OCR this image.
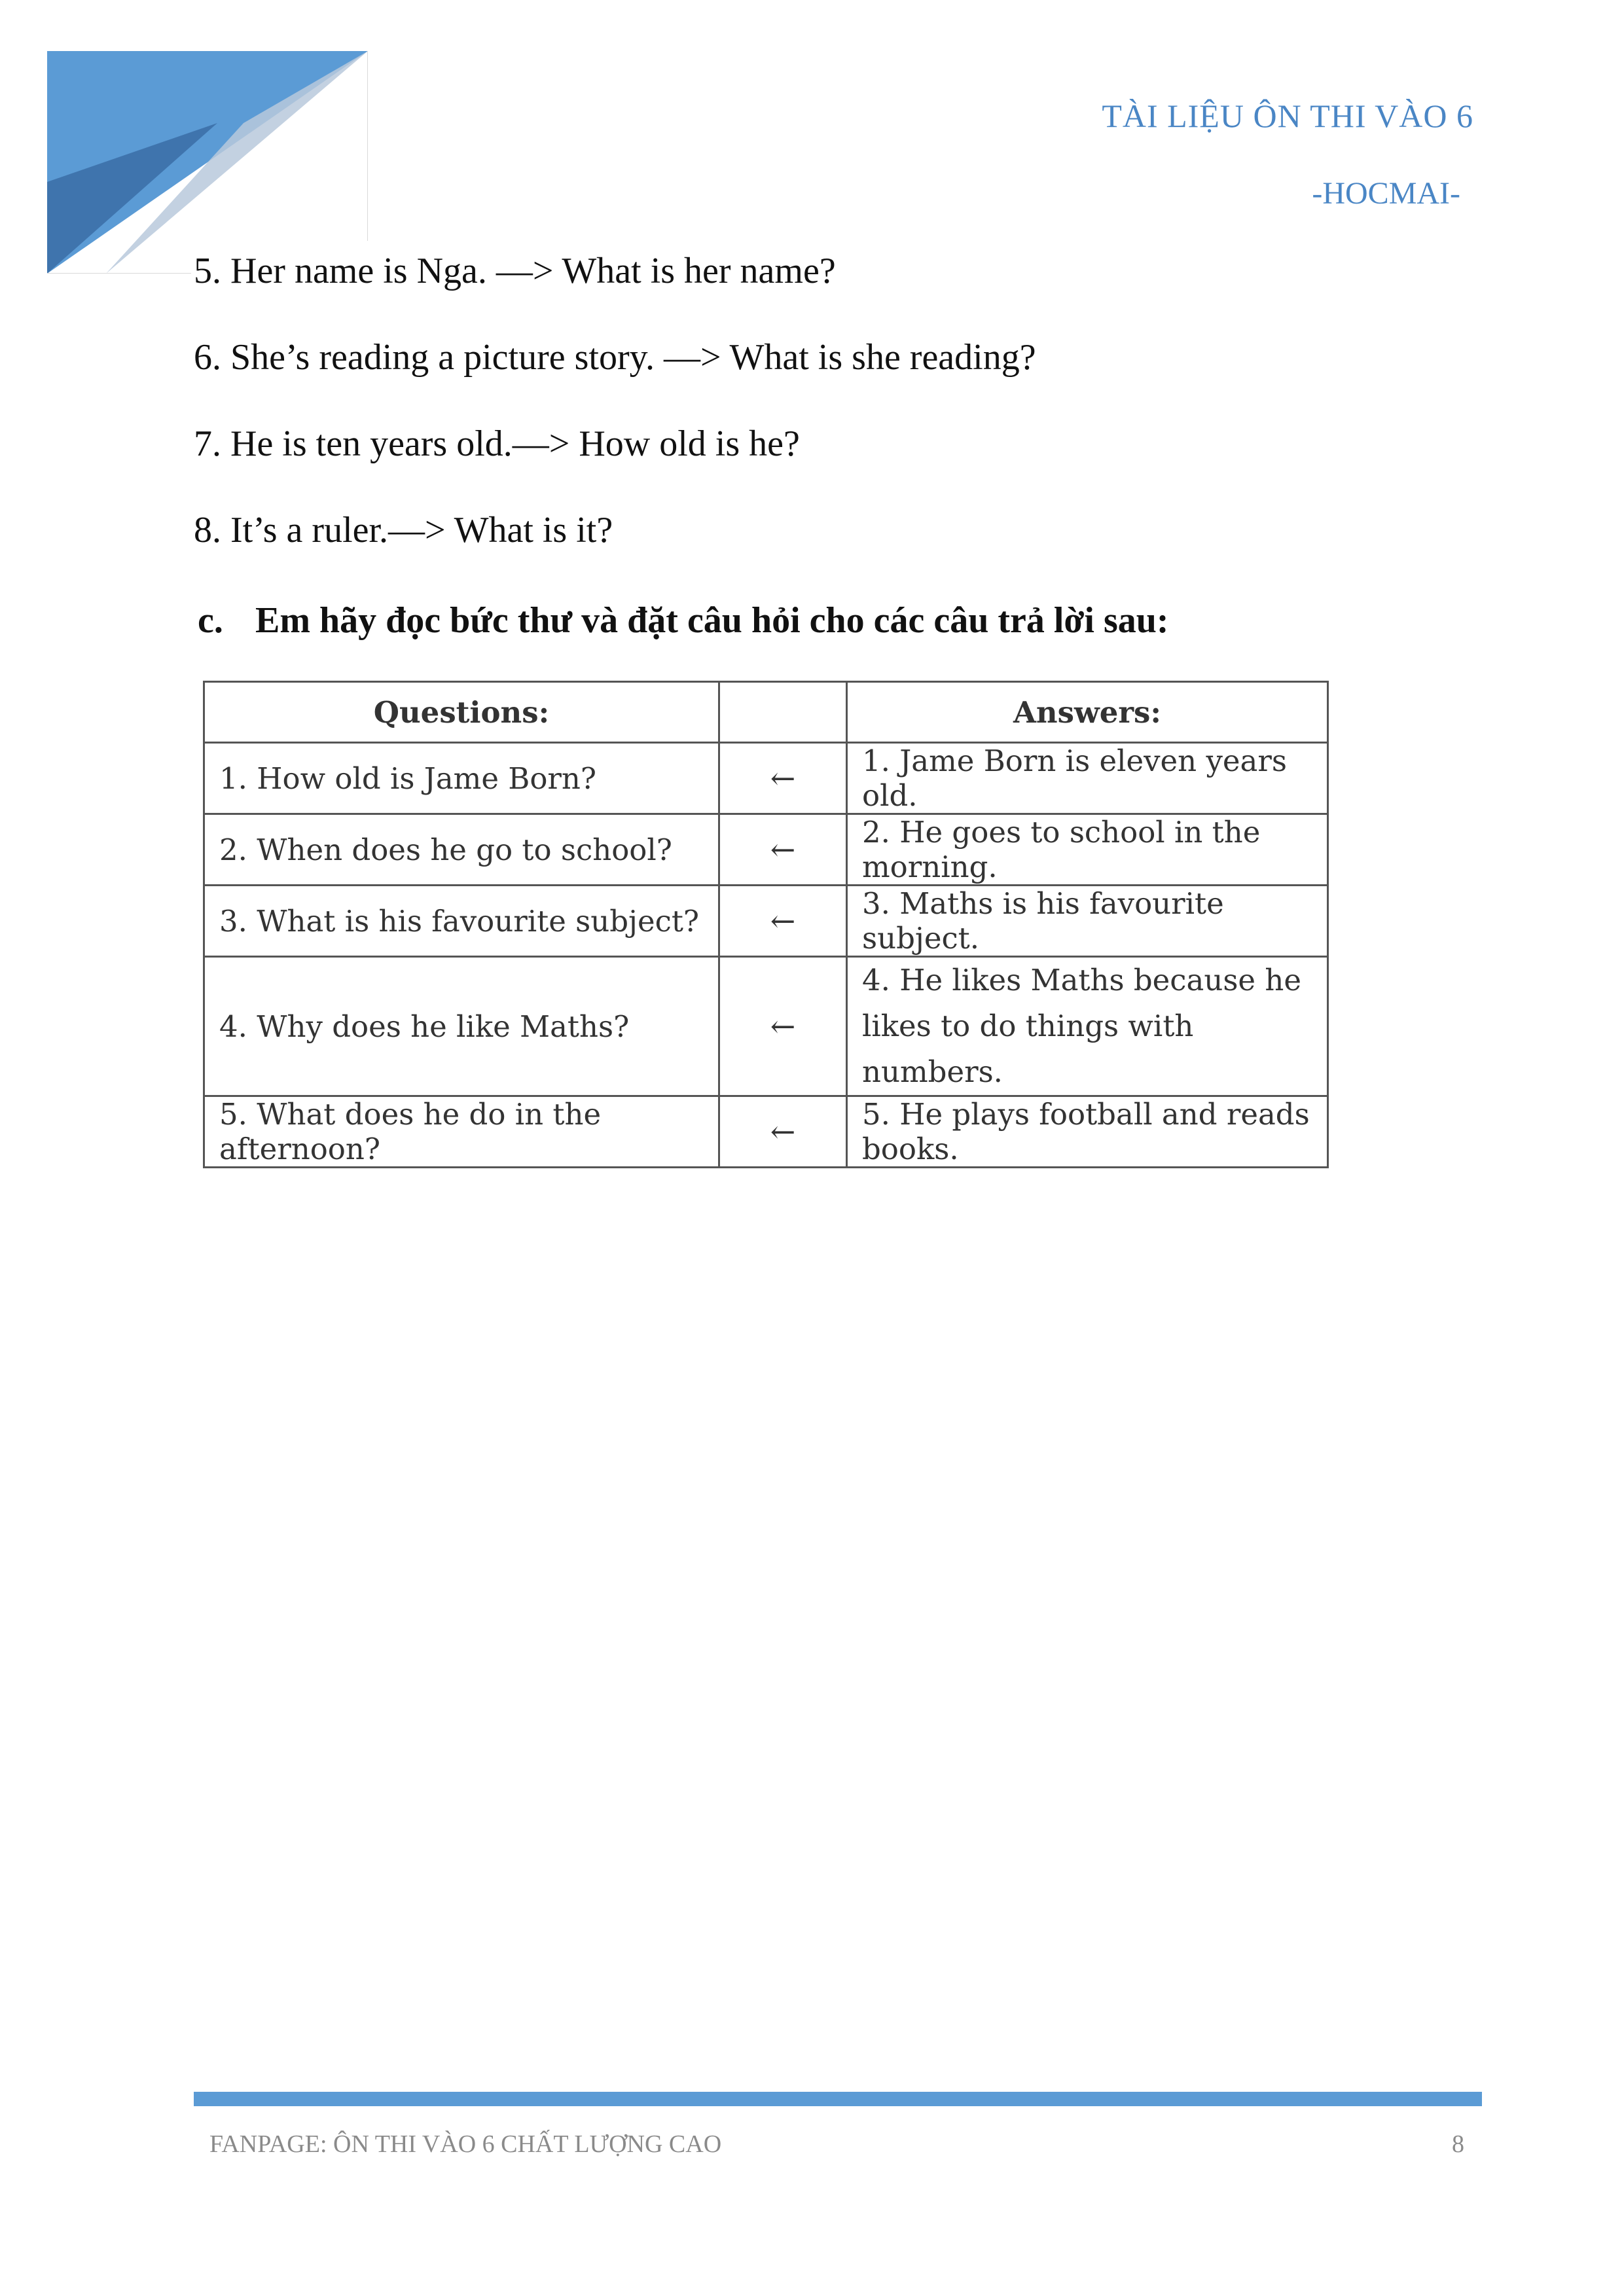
TÀI LIỆU ÔN THI VÀO 6
-HOCMAI-
5. Her name is Nga. —> What is her name?
6. She’s reading a picture story. —> What is she reading?
7. He is ten years old.—> How old is he?
8. It’s a ruler.—> What is it?
c. Em hãy đọc bức thư và đặt câu hỏi cho các câu trả lời sau:
Questions:		Answers:
1. How old is Jame Born?	←	1. Jame Born is eleven years old.
2. When does he go to school?	←	2. He goes to school in the morning.
3. What is his favourite subject?	←	3. Maths is his favourite subject.
4. Why does he like Maths?	←	4. He likes Maths because he likes to do things with numbers.
5. What does he do in the afternoon?	←	5. He plays football and reads books.
FANPAGE: ÔN THI VÀO 6 CHẤT LƯỢNG CAO	8
